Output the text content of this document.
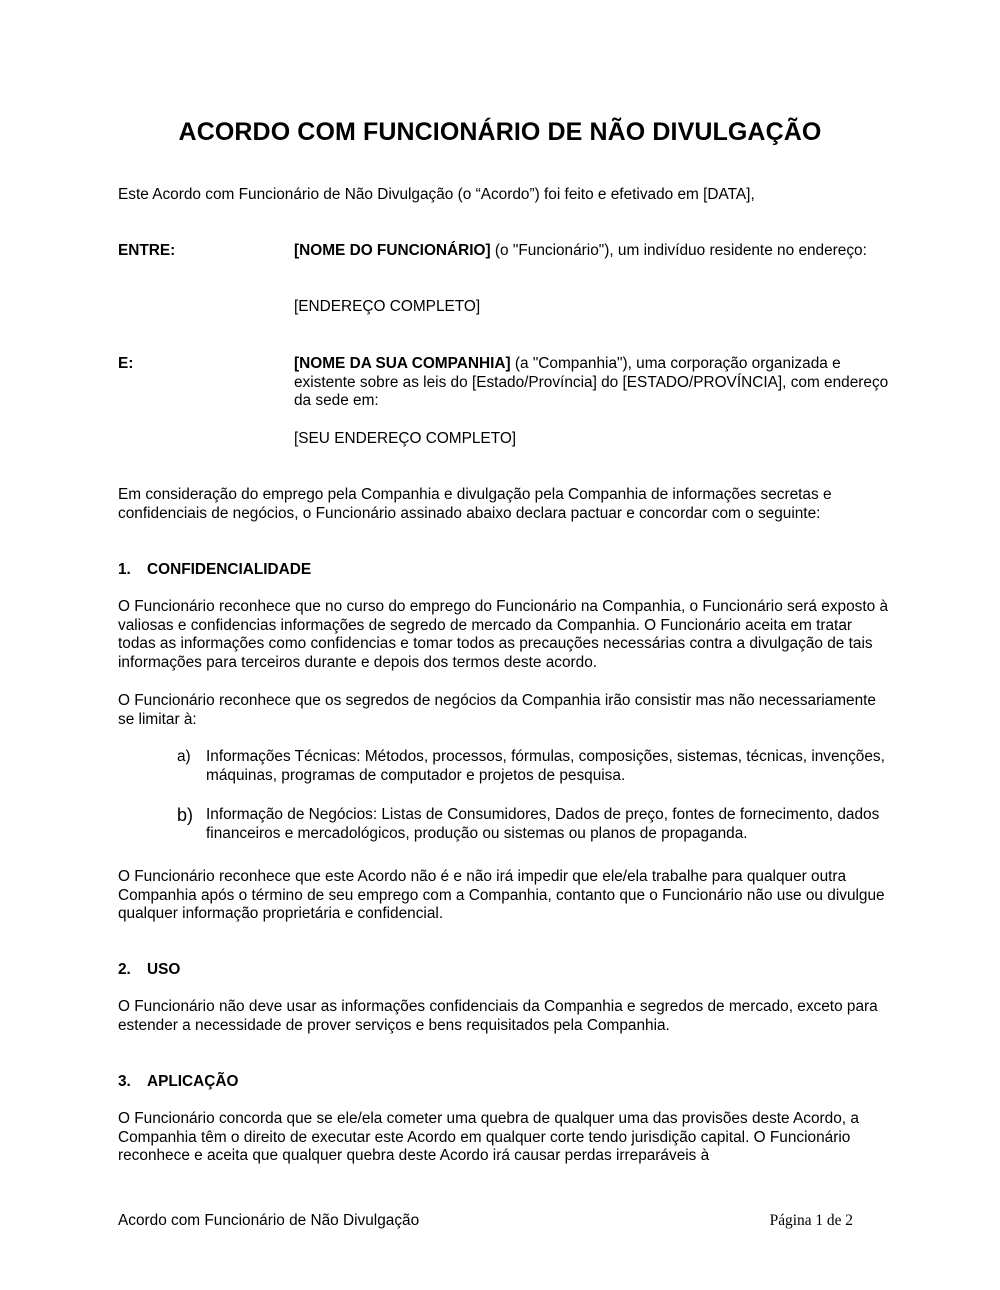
ACORDO COM FUNCIONÁRIO DE NÃO DIVULGAÇÃO
Este Acordo com Funcionário de Não Divulgação (o “Acordo”) foi feito e efetivado em [DATA],
ENTRE:	[NOME DO FUNCIONÁRIO] (o "Funcionário"), um indivíduo residente no endereço:
[ENDEREÇO COMPLETO]
E:	[NOME DA SUA COMPANHIA] (a "Companhia"), uma corporação organizada e existente sobre as leis do [Estado/Província] do [ESTADO/PROVÍNCIA], com endereço da sede em:
[SEU ENDEREÇO COMPLETO]
Em consideração do emprego pela Companhia e divulgação pela Companhia de informações secretas e confidenciais de negócios, o Funcionário assinado abaixo declara pactuar e concordar com o seguinte:
1. CONFIDENCIALIDADE
O Funcionário reconhece que no curso do emprego do Funcionário na Companhia, o Funcionário será exposto à valiosas e confidencias informações de segredo de mercado da Companhia. O Funcionário aceita em tratar todas as informações como confidencias e tomar todos as precauções necessárias contra a divulgação de tais informações para terceiros durante e depois dos termos deste acordo.
O Funcionário reconhece que os segredos de negócios da Companhia irão consistir mas não necessariamente se limitar à:
a) Informações Técnicas: Métodos, processos, fórmulas, composições, sistemas, técnicas, invenções, máquinas, programas de computador e projetos de pesquisa.
b) Informação de Negócios: Listas de Consumidores, Dados de preço, fontes de fornecimento, dados financeiros e mercadológicos, produção ou sistemas ou planos de propaganda.
O Funcionário reconhece que este Acordo não é e não irá impedir que ele/ela trabalhe para qualquer outra Companhia após o término de seu emprego com a Companhia, contanto que o Funcionário não use ou divulgue qualquer informação proprietária e confidencial.
2. USO
O Funcionário não deve usar as informações confidenciais da Companhia e segredos de mercado, exceto para estender a necessidade de prover serviços e bens requisitados pela Companhia.
3. APLICAÇÃO
O Funcionário concorda que se ele/ela cometer uma quebra de qualquer uma das provisões deste Acordo, a Companhia têm o direito de executar este Acordo em qualquer corte tendo jurisdição capital. O Funcionário reconhece e aceita que qualquer quebra deste Acordo irá causar perdas irreparáveis à
Acordo com Funcionário de Não Divulgação	Página 1 de 2
